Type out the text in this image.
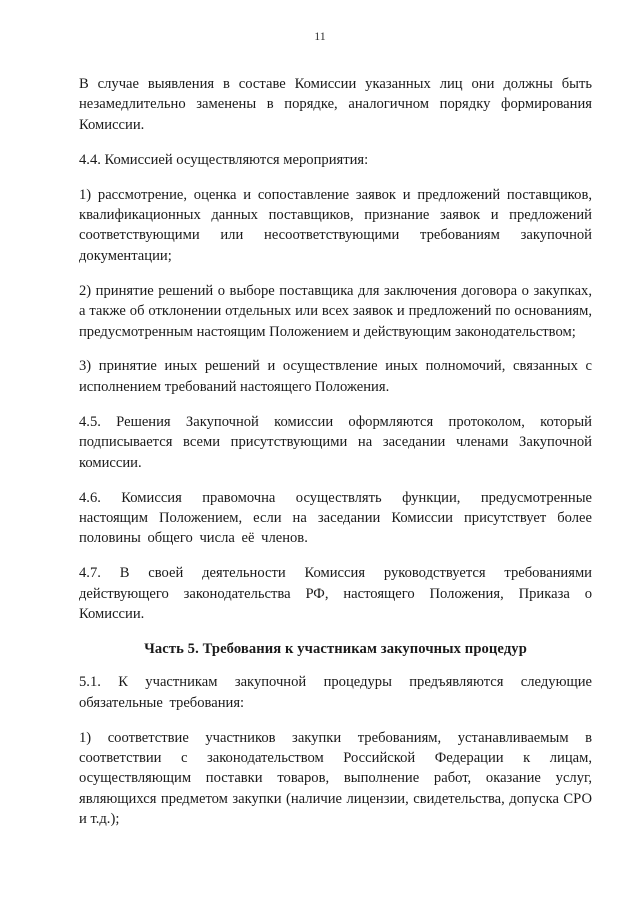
11

В случае выявления в составе Комиссии указанных лиц они должны быть незамедлительно заменены в порядке, аналогичном порядку формирования Комиссии.

4.4. Комиссией осуществляются мероприятия:

1) рассмотрение, оценка и сопоставление заявок и предложений поставщиков, квалификационных данных поставщиков, признание заявок и предложений соответствующими или несоответствующими требованиям закупочной документации;

2) принятие решений о выборе поставщика для заключения договора о закупках, а также об отклонении отдельных или всех заявок и предложений по основаниям, предусмотренным настоящим Положением и действующим законодательством;

3) принятие иных решений и осуществление иных полномочий, связанных с исполнением требований настоящего Положения.

4.5. Решения Закупочной комиссии оформляются протоколом, который подписывается всеми присутствующими на заседании членами Закупочной комиссии.

4.6. Комиссия правомочна осуществлять функции, предусмотренные настоящим Положением, если на заседании Комиссии присутствует более половины общего числа её членов.

4.7. В своей деятельности Комиссия руководствуется требованиями действующего законодательства РФ, настоящего Положения, Приказа о Комиссии.

Часть 5. Требования к участникам закупочных процедур

5.1. К участникам закупочной процедуры предъявляются следующие обязательные требования:

1) соответствие участников закупки требованиям, устанавливаемым в соответствии с законодательством Российской Федерации к лицам, осуществляющим поставки товаров, выполнение работ, оказание услуг, являющихся предметом закупки (наличие лицензии, свидетельства, допуска СРО и т.д.);
